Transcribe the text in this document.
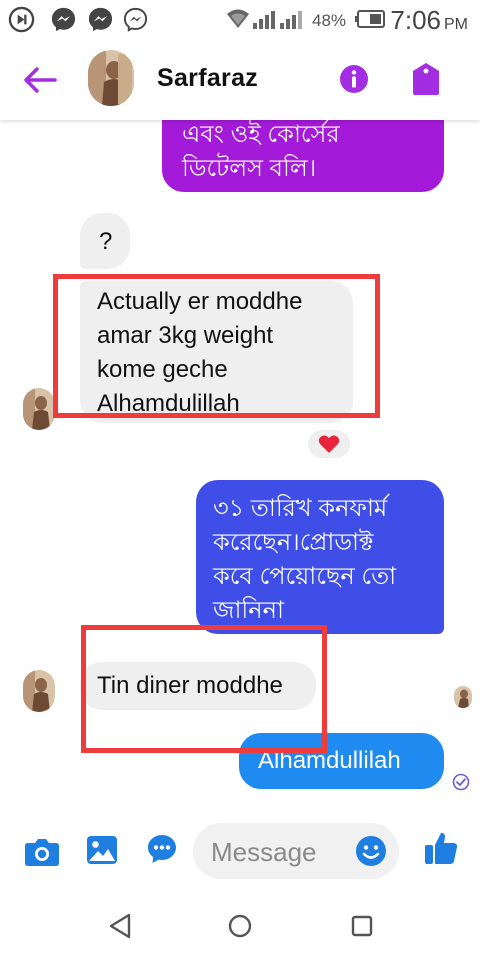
48% 7:06 PM
Sarfaraz
এবং ওই কোর্সের
ডিটেলস বলি।
?
Actually er moddhe
amar 3kg weight
kome geche
Alhamdulillah
৩১ তারিখ কনফার্ম
করেছেন।প্রোডাক্ট
কবে পেয়োছেন তো
জানিনা
Tin diner moddhe
Alhamdullilah
Message
